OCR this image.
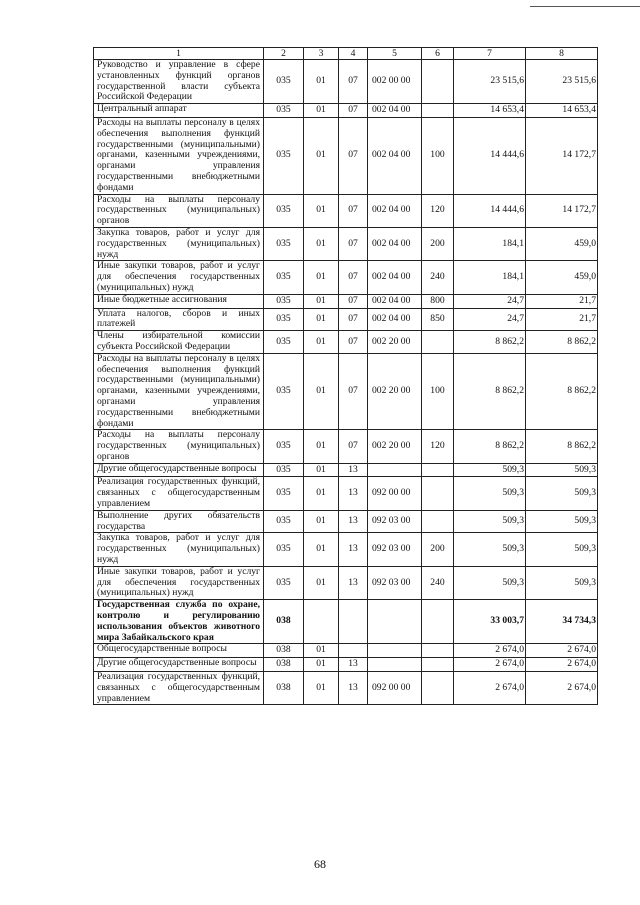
1	2	3	4	5	6	7	8
Руководство и управление в сфере установленных функций органов государственной власти субъекта Российской Федерации	035	01	07	002 00 00		23 515,6	23 515,6
Центральный аппарат	035	01	07	002 04 00		14 653,4	14 653,4
Расходы на выплаты персоналу в целях обеспечения выполнения функций государственными (муниципальными) органами, казенными учреждениями, органами управления государственными внебюджетными фондами	035	01	07	002 04 00	100	14 444,6	14 172,7
Расходы на выплаты персоналу государственных (муниципальных) органов	035	01	07	002 04 00	120	14 444,6	14 172,7
Закупка товаров, работ и услуг для государственных (муниципальных) нужд	035	01	07	002 04 00	200	184,1	459,0
Иные закупки товаров, работ и услуг для обеспечения государственных (муниципальных) нужд	035	01	07	002 04 00	240	184,1	459,0
Иные бюджетные ассигнования	035	01	07	002 04 00	800	24,7	21,7
Уплата налогов, сборов и иных платежей	035	01	07	002 04 00	850	24,7	21,7
Члены избирательной комиссии субъекта Российской Федерации	035	01	07	002 20 00		8 862,2	8 862,2
Расходы на выплаты персоналу в целях обеспечения выполнения функций государственными (муниципальными) органами, казенными учреждениями, органами управления государственными внебюджетными фондами	035	01	07	002 20 00	100	8 862,2	8 862,2
Расходы на выплаты персоналу государственных (муниципальных) органов	035	01	07	002 20 00	120	8 862,2	8 862,2
Другие общегосударственные вопросы	035	01	13			509,3	509,3
Реализация государственных функций, связанных с общегосударственным управлением	035	01	13	092 00 00		509,3	509,3
Выполнение других обязательств государства	035	01	13	092 03 00		509,3	509,3
Закупка товаров, работ и услуг для государственных (муниципальных) нужд	035	01	13	092 03 00	200	509,3	509,3
Иные закупки товаров, работ и услуг для обеспечения государственных (муниципальных) нужд	035	01	13	092 03 00	240	509,3	509,3
Государственная служба по охране, контролю и регулированию использования объектов животного мира Забайкальского края	038					33 003,7	34 734,3
Общегосударственные вопросы	038	01				2 674,0	2 674,0
Другие общегосударственные вопросы	038	01	13			2 674,0	2 674,0
Реализация государственных функций, связанных с общегосударственным управлением	038	01	13	092 00 00		2 674,0	2 674,0
68
